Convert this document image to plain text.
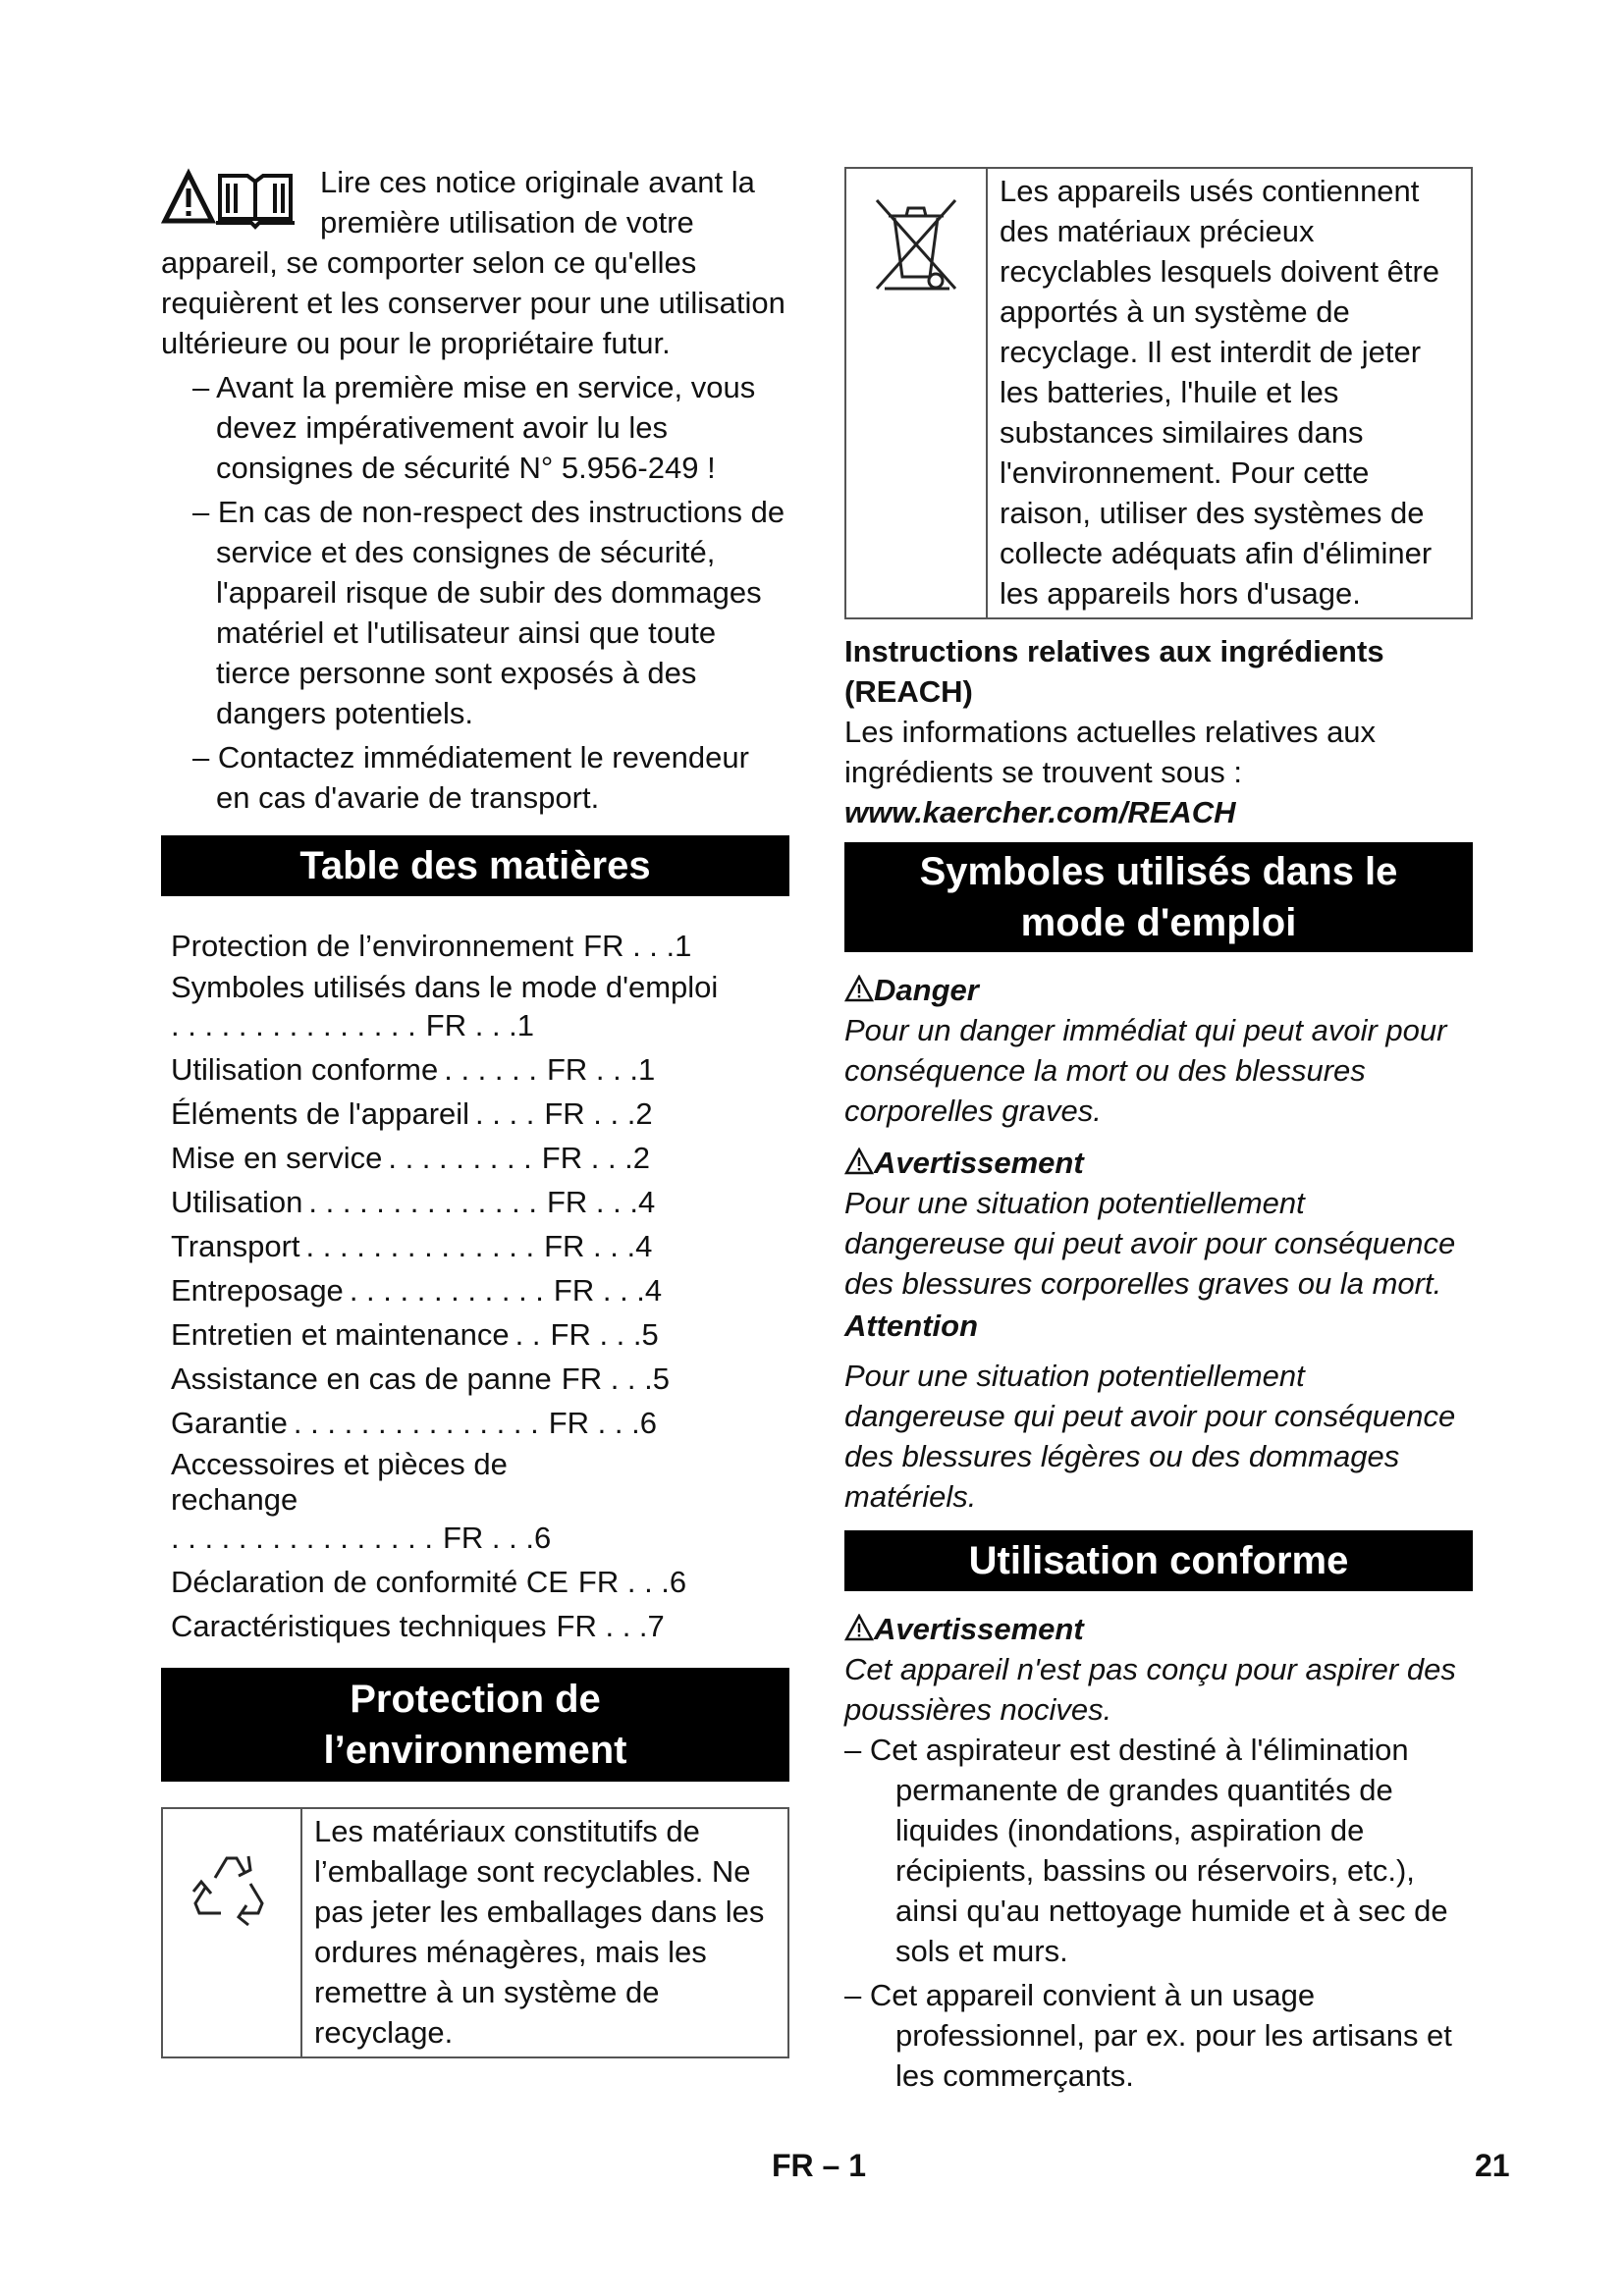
Lire ces notice originale avant la première utilisation de votre appareil, se comporter selon ce qu'elles requièrent et les conserver pour une utilisation ultérieure ou pour le propriétaire futur.

– Avant la première mise en service, vous devez impérativement avoir lu les consignes de sécurité N° 5.956-249 !

– En cas de non-respect des instructions de service et des consignes de sécurité, l'appareil risque de subir des dommages matériel et l'utilisateur ainsi que toute tierce personne sont exposés à des dangers potentiels.

– Contactez immédiatement le revendeur en cas d'avarie de transport.

Table des matières
Protection de l’environnement FR . . .1
Symboles utilisés dans le mode d'emploi
. . . . . . . . . . . . . . . FR . . .1
Utilisation conforme . . . . . . FR . . .1
Éléments de l'appareil . . . . FR . . .2
Mise en service . . . . . . . . . FR . . .2
Utilisation . . . . . . . . . . . . . . FR . . .4
Transport . . . . . . . . . . . . . . FR . . .4
Entreposage . . . . . . . . . . . . FR . . .4
Entretien et maintenance . . FR . . .5
Assistance en cas de panne FR . . .5
Garantie . . . . . . . . . . . . . . . FR . . .6
Accessoires et pièces de rechange
. . . . . . . . . . . . . . . . FR . . .6
Déclaration de conformité CE FR . . .6
Caractéristiques techniques FR . . .7
Protection de l’environnement
Les matériaux constitutifs de l’emballage sont recyclables. Ne pas jeter les emballages dans les ordures ménagères, mais les remettre à un système de recyclage.
Les appareils usés contiennent des matériaux précieux recyclables lesquels doivent être apportés à un système de recyclage. Il est interdit de jeter les batteries, l'huile et les substances similaires dans l'environnement. Pour cette raison, utiliser des systèmes de collecte adéquats afin d'éliminer les appareils hors d'usage.
Instructions relatives aux ingrédients (REACH)

Les informations actuelles relatives aux ingrédients se trouvent sous :

www.kaercher.com/REACH

Symboles utilisés dans le mode d'emploi
Danger

Pour un danger immédiat qui peut avoir pour conséquence la mort ou des blessures corporelles graves.

Avertissement

Pour une situation potentiellement dangereuse qui peut avoir pour conséquence des blessures corporelles graves ou la mort.

Attention

Pour une situation potentiellement dangereuse qui peut avoir pour conséquence des blessures légères ou des dommages matériels.

Utilisation conforme
Avertissement

Cet appareil n'est pas conçu pour aspirer des poussières nocives.

– Cet aspirateur est destiné à l'élimination permanente de grandes quantités de liquides (inondations, aspiration de récipients, bassins ou réservoirs, etc.), ainsi qu'au nettoyage humide et à sec de sols et murs.

– Cet appareil convient à un usage professionnel, par ex. pour les artisans et les commerçants.

FR – 1	21
